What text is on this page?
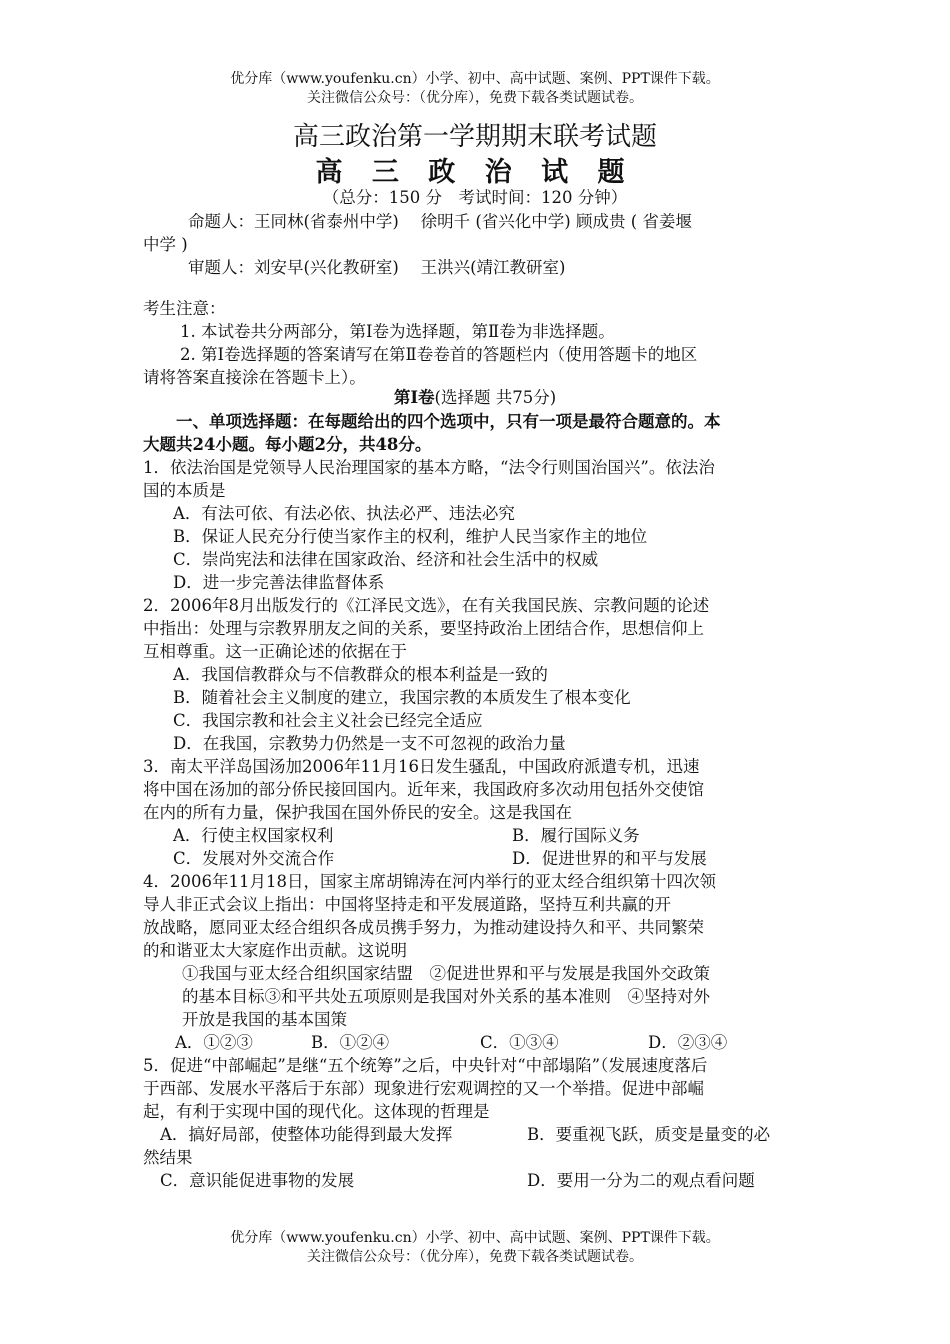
优分库（www.youfenku.cn）小学、初中、高中试题、案例、PPT课件下载。
关注微信公众号：（优分库），免费下载各类试题试卷。
高三政治第一学期期末联考试题
高 三 政 治 试 题
（总分：150 分　考试时间：120 分钟）
命题人：王同林(省泰州中学)　 徐明千 (省兴化中学) 顾成贵 ( 省姜堰
中学 )
审题人：刘安早(兴化教研室)　 王洪兴(靖江教研室)
考生注意：
1. 本试卷共分两部分，第Ⅰ卷为选择题，第Ⅱ卷为非选择题。
2. 第Ⅰ卷选择题的答案请写在第Ⅱ卷卷首的答题栏内（使用答题卡的地区
请将答案直接涂在答题卡上）。
第Ⅰ卷(选择题 共75分)
一、单项选择题：在每题给出的四个选项中，只有一项是最符合题意的。本
大题共24小题。每小题2分，共48分。
1．依法治国是党领导人民治理国家的基本方略，“法令行则国治国兴”。依法治
国的本质是
A．有法可依、有法必依、执法必严、违法必究
B．保证人民充分行使当家作主的权利，维护人民当家作主的地位
C．崇尚宪法和法律在国家政治、经济和社会生活中的权威
D．进一步完善法律监督体系
2．2006年8月出版发行的《江泽民文选》，在有关我国民族、宗教问题的论述
中指出：处理与宗教界朋友之间的关系，要坚持政治上团结合作，思想信仰上
互相尊重。这一正确论述的依据在于
A．我国信教群众与不信教群众的根本利益是一致的
B．随着社会主义制度的建立，我国宗教的本质发生了根本变化
C．我国宗教和社会主义社会已经完全适应
D．在我国，宗教势力仍然是一支不可忽视的政治力量
3．南太平洋岛国汤加2006年11月16日发生骚乱，中国政府派遣专机，迅速
将中国在汤加的部分侨民接回国内。近年来，我国政府多次动用包括外交使馆
在内的所有力量，保护我国在国外侨民的安全。这是我国在
A．行使主权国家权利	B．履行国际义务
C．发展对外交流合作	D．促进世界的和平与发展
4．2006年11月18日，国家主席胡锦涛在河内举行的亚太经合组织第十四次领
导人非正式会议上指出：中国将坚持走和平发展道路，坚持互利共赢的开
放战略，愿同亚太经合组织各成员携手努力，为推动建设持久和平、共同繁荣
的和谐亚太大家庭作出贡献。这说明
①我国与亚太经合组织国家结盟　②促进世界和平与发展是我国外交政策
的基本目标③和平共处五项原则是我国对外关系的基本准则　④坚持对外
开放是我国的基本国策
A．①②③	B．①②④	C．①③④	D．②③④
5．促进“中部崛起”是继“五个统筹”之后，中央针对“中部塌陷”（发展速度落后
于西部、发展水平落后于东部）现象进行宏观调控的又一个举措。促进中部崛
起，有利于实现中国的现代化。这体现的哲理是
A．搞好局部，使整体功能得到最大发挥	B．要重视飞跃，质变是量变的必
然结果
C．意识能促进事物的发展	D．要用一分为二的观点看问题
优分库（www.youfenku.cn）小学、初中、高中试题、案例、PPT课件下载。
关注微信公众号：（优分库），免费下载各类试题试卷。
